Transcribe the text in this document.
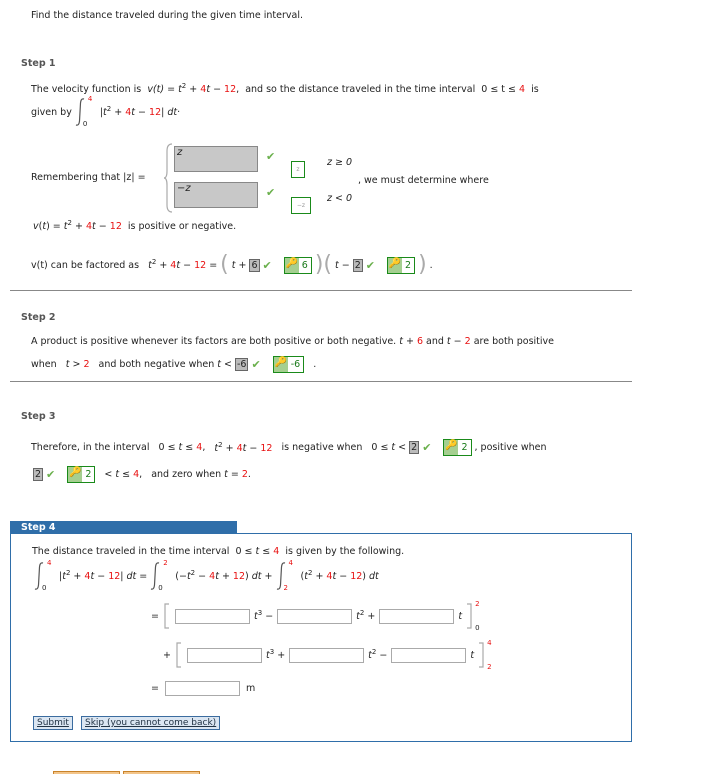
Find the distance traveled during the given time interval.
Step 1
The velocity function is $v(t) = t^2 + 4t - 12$,  and so the distance traveled in the time interval 0 ≤ t ≤ 4 is
given by
4
0
$|t^2 + 4t - 12|$ dt·
Remembering that |z| =
z
−z
✔
✔
z
−z
z ≥ 0
z < 0
, we must determine where
$v(t) = t^2 + 4t - 12$ is positive or negative.
v(t) can be factored as
$t^2 + 4t - 12$ = ( t + 6 ✔
🔑 6 )( t − 2 ✔
🔑 2 ) .
Step 2
A product is positive whenever its factors are both positive or both negative. t + 6 and t − 2 are both positive
when
t > 2
and both negative when t < -6 ✔
🔑 -6
	.
Step 3
Therefore, in the interval
0 ≤ t ≤ 4,
$t^2 + 4t - 12$
is negative when
0 ≤ t < 2 ✔
🔑 2 , positive when
2 ✔
🔑 2
	< t ≤ 4,
and zero when t = 2.
Step 4
The distance traveled in the time interval  0 ≤ t ≤ 4 is given by the following.
4
0
$|t^2 + 4t - 12|$ dt =
2
0
$(-t^2 - 4t + 12)$ dt +
4
2
$(t^2 + 4t - 12)$ dt
=	$t^3$ −	$t^2$ +	t
2
0
+	$t^3$ +	$t^2$ −	t
4
2
=	m
Submit	Skip (you cannot come back)
